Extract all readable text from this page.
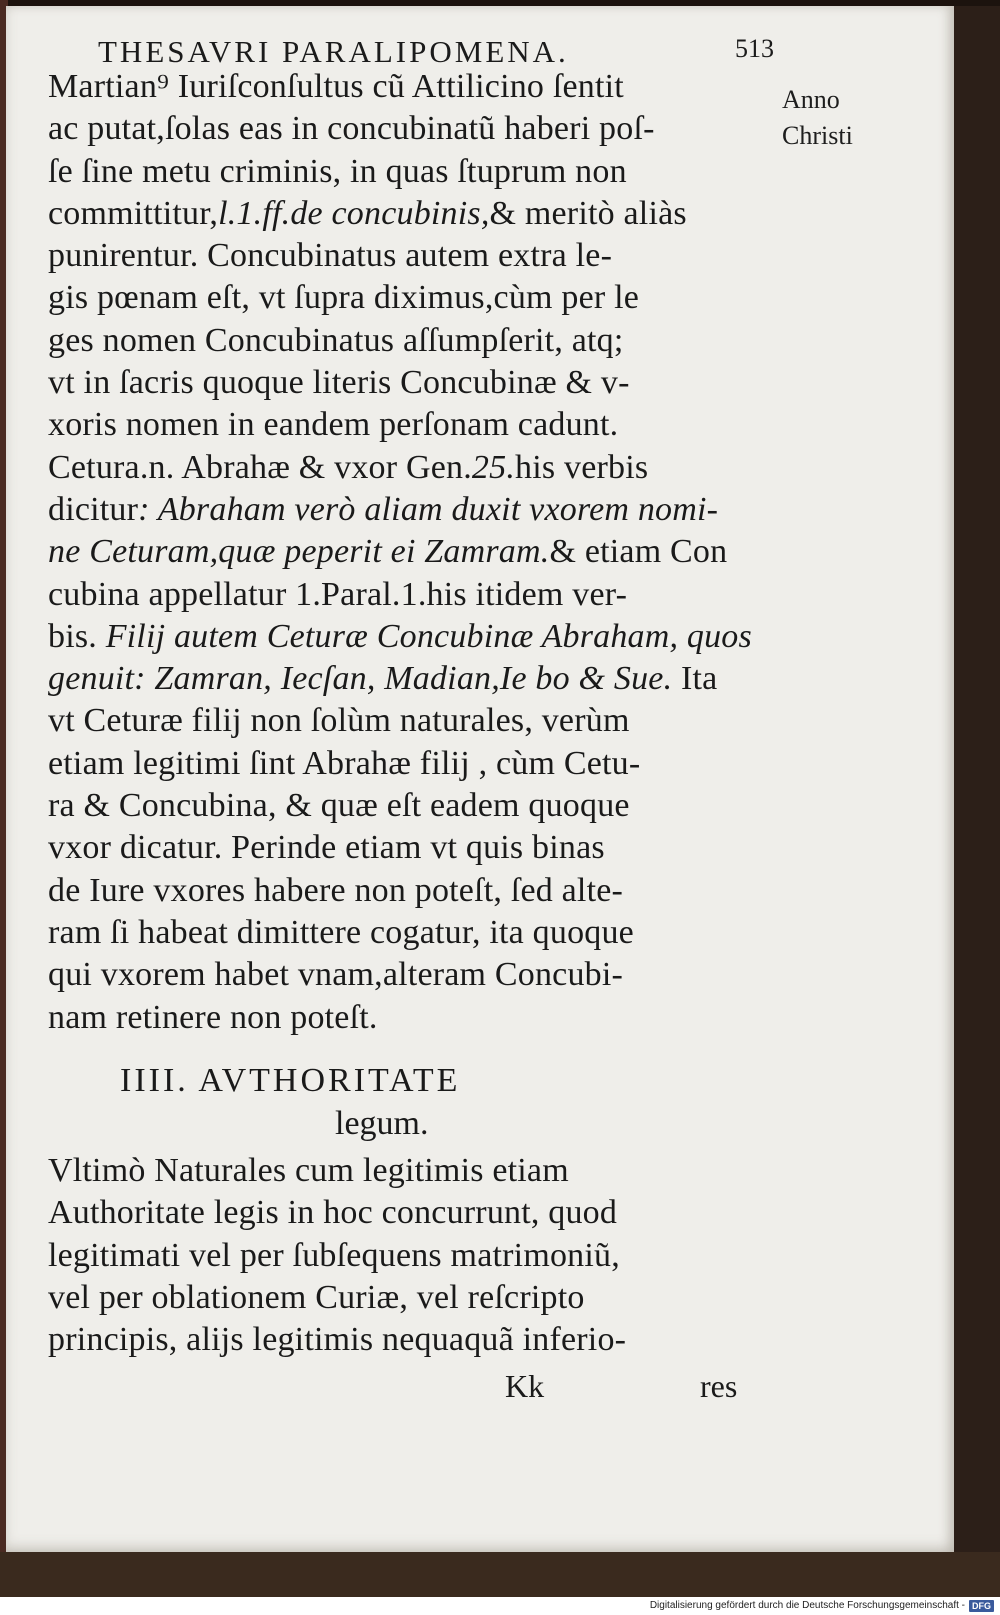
THESAVRI PARALIPOMENA.	513
Anno
Christi
Martian⁹ Iuriſconſultus cũ Attilicino ſentit
ac putat,ſolas eas in concubinatũ haberi poſ-
ſe ſine metu criminis, in quas ſtuprum non
committitur,l.1.ff.de concubinis,& meritò aliàs
punirentur. Concubinatus autem extra le-
gis pœnam eſt, vt ſupra diximus,cùm per le
ges nomen Concubinatus aſſumpſerit, atq;
vt in ſacris quoque literis Concubinæ & v-
xoris nomen in eandem perſonam cadunt.
Cetura.n. Abrahæ & vxor Gen.25.his verbis
dicitur: Abraham verò aliam duxit vxorem nomi-
ne Ceturam,quæ peperit ei Zamram.& etiam Con
cubina appellatur 1.Paral.1.his itidem ver-
bis. Filij autem Ceturæ Concubinæ Abraham, quos
genuit: Zamran, Iecſan, Madian,Ie bo & Sue. Ita
vt Ceturæ filij non ſolùm naturales, verùm
etiam legitimi ſint Abrahæ filij , cùm Cetu-
ra & Concubina, & quæ eſt eadem quoque
vxor dicatur. Perinde etiam vt quis binas
de Iure vxores habere non poteſt, ſed alte-
ram ſi habeat dimittere cogatur, ita quoque
qui vxorem habet vnam,alteram Concubi-
nam retinere non poteſt.
IIII. AVTHORITATE
legum.
Vltimò Naturales cum legitimis etiam
Authoritate legis in hoc concurrunt, quod
legitimati vel per ſubſequens matrimoniũ,
vel per oblationem Curiæ, vel reſcripto
principis, alijs legitimis nequaquã inferio-
Kk	res
Digitalisierung gefördert durch die Deutsche Forschungsgemeinschaft - DFG
